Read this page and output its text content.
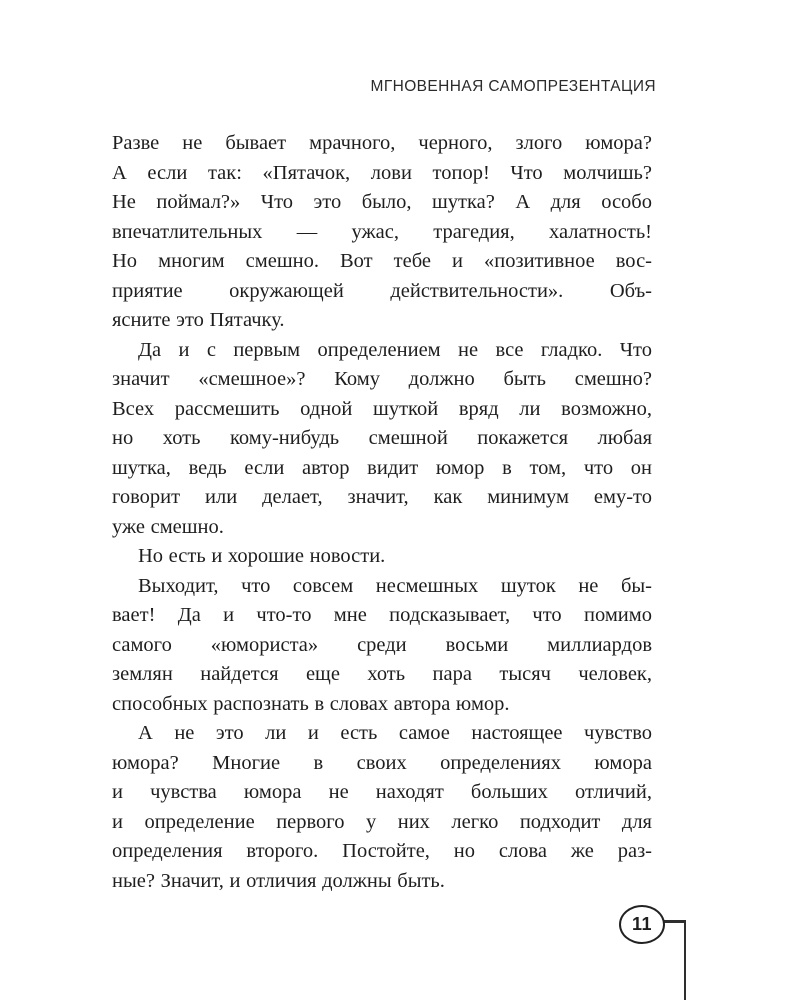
МГНОВЕННАЯ САМОПРЕЗЕНТАЦИЯ
Разве не бывает мрачного, черного, злого юмора?
А если так: «Пятачок, лови топор! Что молчишь?
Не поймал?» Что это было, шутка? А для особо
впечатлительных — ужас, трагедия, халатность!
Но многим смешно. Вот тебе и «позитивное вос-
приятие окружающей действительности». Объ-
ясните это Пятачку.
Да и с первым определением не все гладко. Что
значит «смешное»? Кому должно быть смешно?
Всех рассмешить одной шуткой вряд ли возможно,
но хоть кому-нибудь смешной покажется любая
шутка, ведь если автор видит юмор в том, что он
говорит или делает, значит, как минимум ему-то
уже смешно.
Но есть и хорошие новости.
Выходит, что совсем несмешных шуток не бы-
вает! Да и что-то мне подсказывает, что помимо
самого «юмориста» среди восьми миллиардов
землян найдется еще хоть пара тысяч человек,
способных распознать в словах автора юмор.
А не это ли и есть самое настоящее чувство
юмора? Многие в своих определениях юмора
и чувства юмора не находят больших отличий,
и определение первого у них легко подходит для
определения второго. Постойте, но слова же раз-
ные? Значит, и отличия должны быть.
11
